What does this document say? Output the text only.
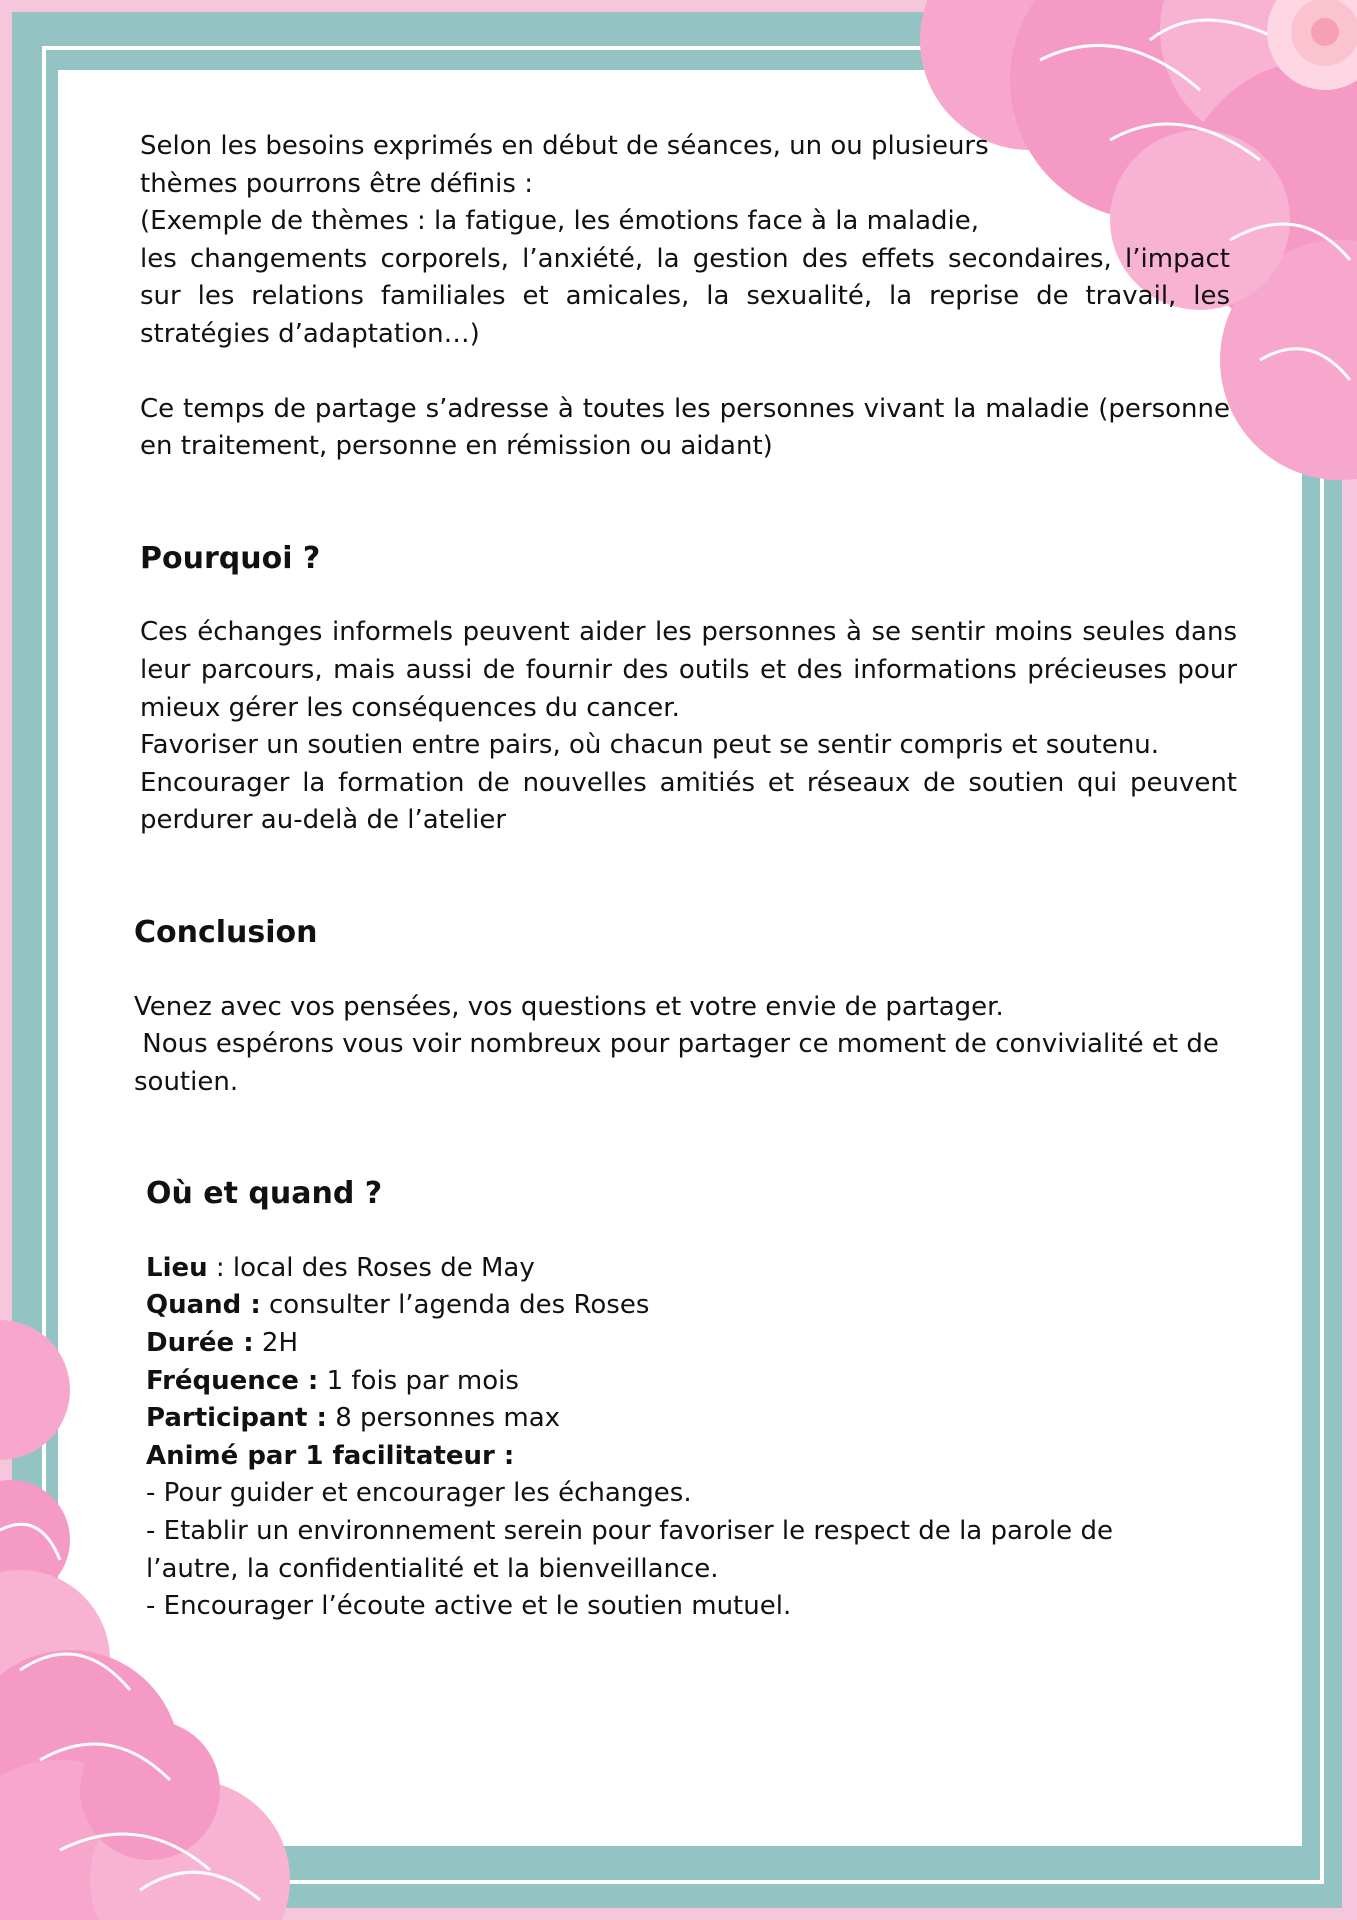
Selon les besoins exprimés en début de séances, un ou plusieurs

thèmes pourrons être définis :

(Exemple de thèmes : la fatigue, les émotions face à la maladie,

les changements corporels, l’anxiété, la gestion des effets secondaires, l’impact sur les relations familiales et amicales, la sexualité, la reprise de travail, les stratégies d’adaptation…)

Ce temps de partage s’adresse à toutes les personnes vivant la maladie (personne en traitement, personne en rémission ou aidant)

Pourquoi ?

Ces échanges informels peuvent aider les personnes à se sentir moins seules dans leur parcours, mais aussi de fournir des outils et des informations précieuses pour mieux gérer les conséquences du cancer.

Favoriser un soutien entre pairs, où chacun peut se sentir compris et soutenu.

Encourager la formation de nouvelles amitiés et réseaux de soutien qui peuvent perdurer au-delà de l’atelier

Conclusion

Venez avec vos pensées, vos questions et votre envie de partager.

Nous espérons vous voir nombreux pour partager ce moment de convivialité et de soutien.

Où et quand ?

Lieu : local des Roses de May

Quand : consulter l’agenda des Roses

Durée : 2H

Fréquence : 1 fois par mois

Participant : 8 personnes max

Animé par 1 facilitateur :

- Pour guider et encourager les échanges.

- Etablir un environnement serein pour favoriser le respect de la parole de l’autre, la confidentialité et la bienveillance.

- Encourager l’écoute active et le soutien mutuel.
